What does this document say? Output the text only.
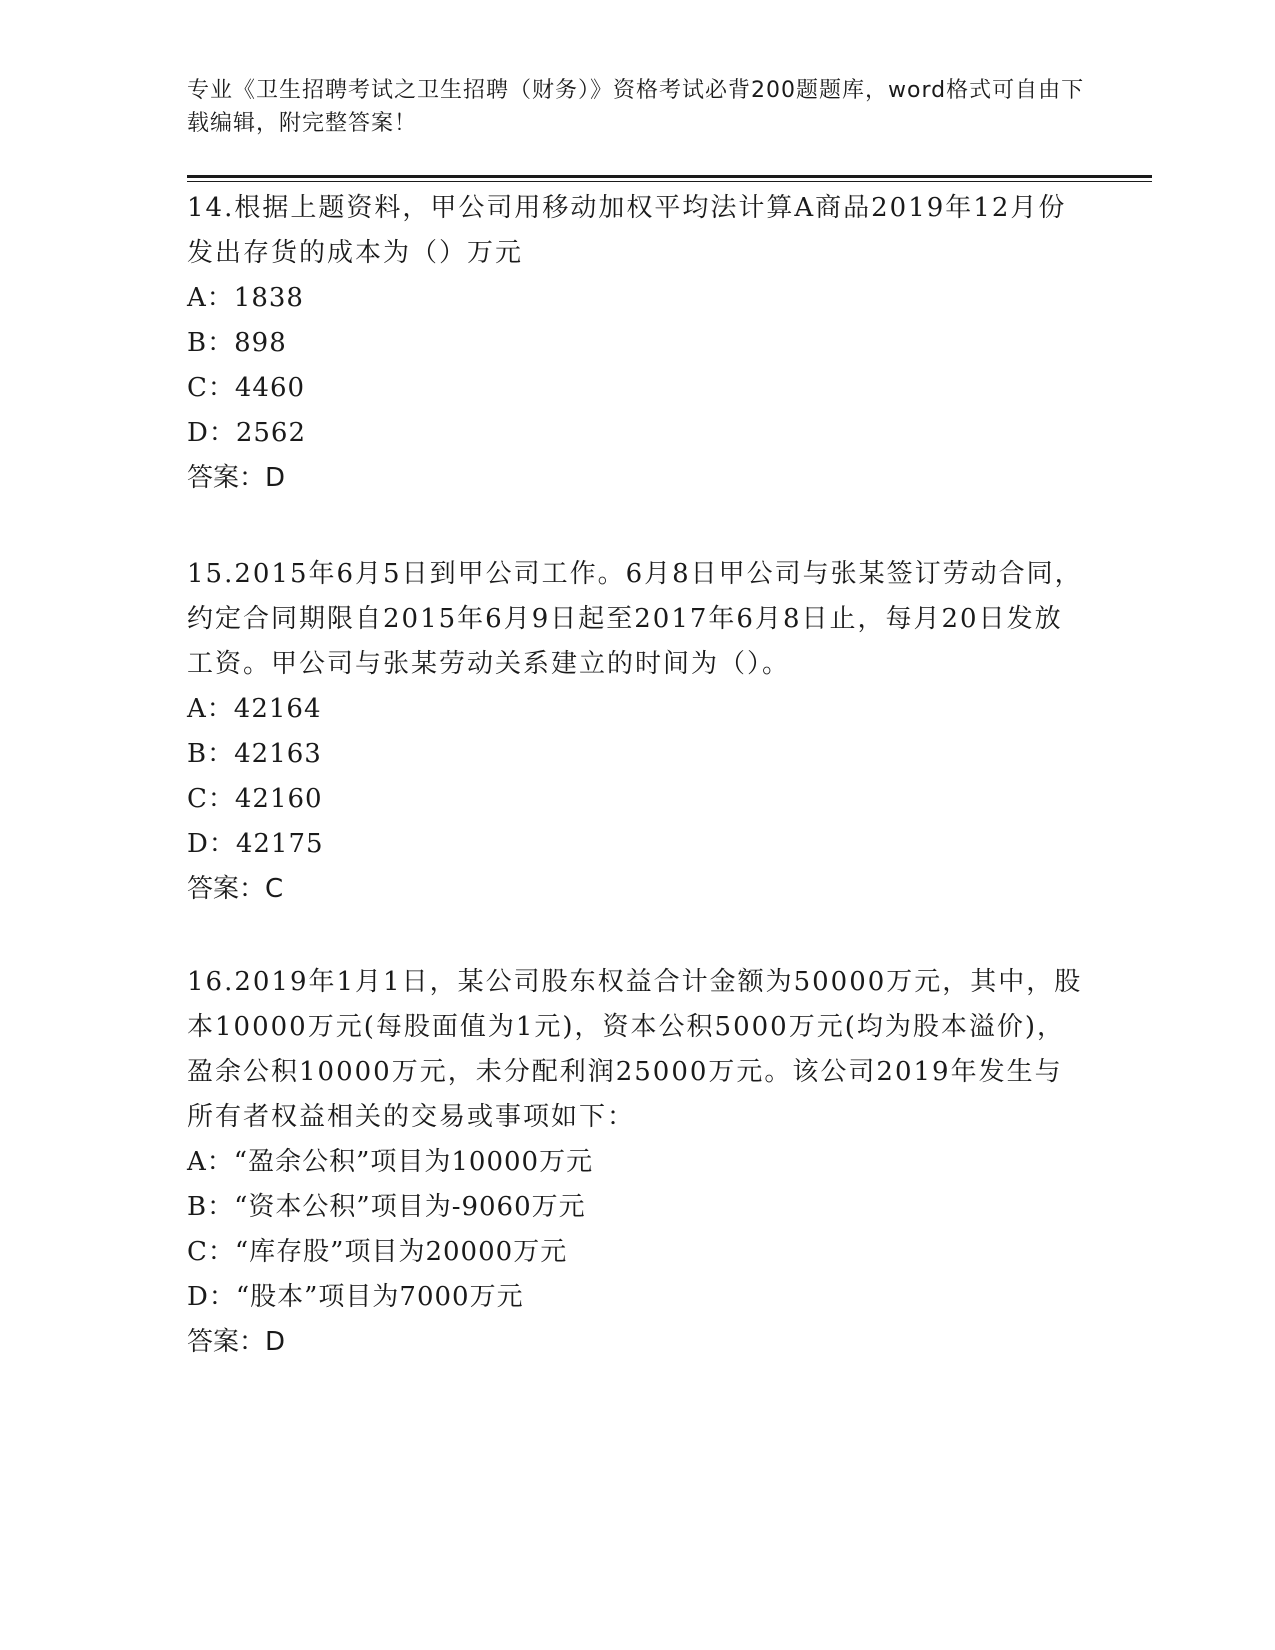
专业《卫生招聘考试之卫生招聘（财务）》资格考试必背200题题库，word格式可自由下载编辑，附完整答案！

14.根据上题资料，甲公司用移动加权平均法计算A商品2019年12月份发出存货的成本为（）万元

A：1838

B：898

C：4460

D：2562

答案：D

15.2015年6月5日到甲公司工作。6月8日甲公司与张某签订劳动合同，约定合同期限自2015年6月9日起至2017年6月8日止，每月20日发放工资。甲公司与张某劳动关系建立的时间为（）。

A：42164

B：42163

C：42160

D：42175

答案：C

16.2019年1月1日，某公司股东权益合计金额为50000万元，其中，股本10000万元(每股面值为1元)，资本公积5000万元(均为股本溢价)，盈余公积10000万元，未分配利润25000万元。该公司2019年发生与所有者权益相关的交易或事项如下：

A：“盈余公积”项目为10000万元

B：“资本公积”项目为-9060万元

C：“库存股”项目为20000万元

D：“股本”项目为7000万元

答案：D
